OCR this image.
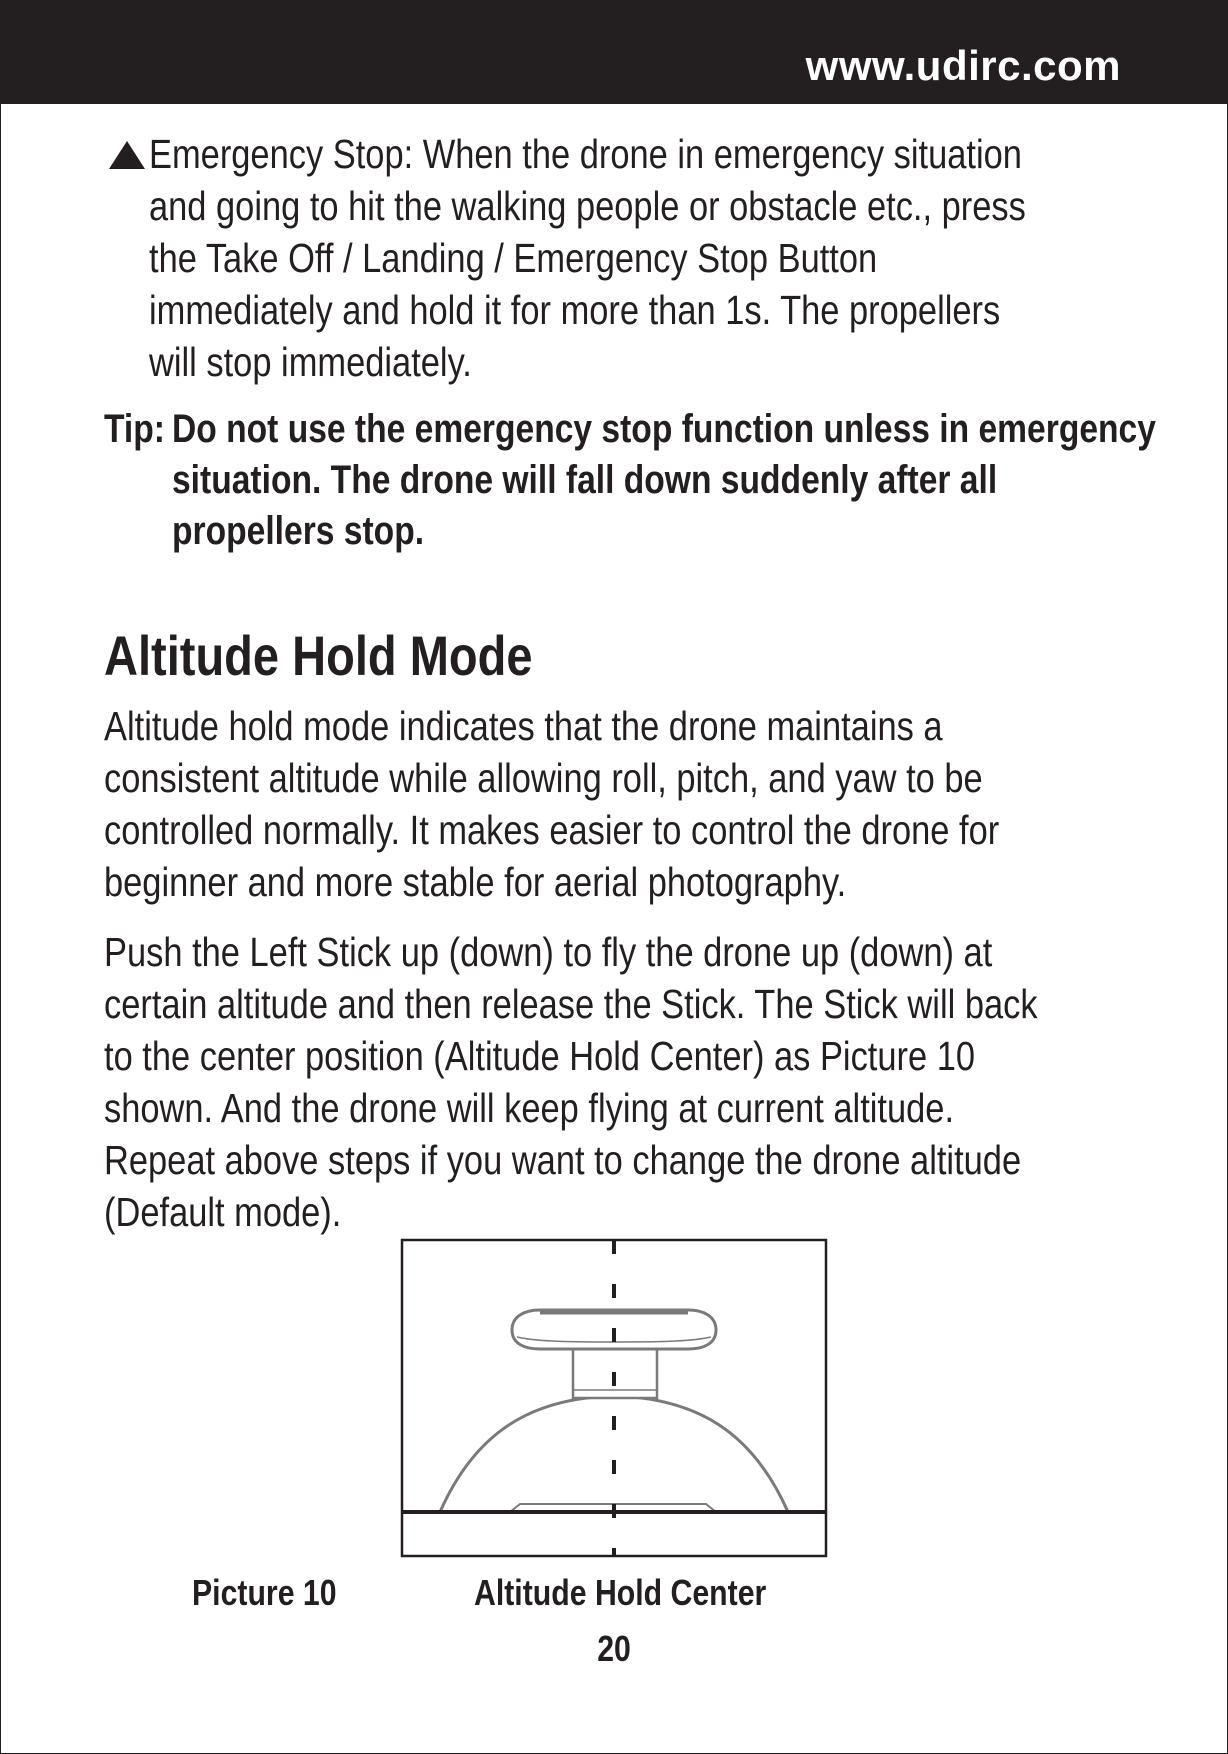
www.udirc.com
Emergency Stop: When the drone in emergency situation
and going to hit the walking people or obstacle etc., press
the Take Off / Landing / Emergency Stop Button
immediately and hold it for more than 1s. The propellers
will stop immediately.
Tip: Do not use the emergency stop function unless in emergency
situation. The drone will fall down suddenly after all
propellers stop.
Altitude Hold Mode
Altitude hold mode indicates that the drone maintains a
consistent altitude while allowing roll, pitch, and yaw to be
controlled normally. It makes easier to control the drone for
beginner and more stable for aerial photography.
Push the Left Stick up (down) to fly the drone up (down) at
certain altitude and then release the Stick. The Stick will back
to the center position (Altitude Hold Center) as Picture 10
shown. And the drone will keep flying at current altitude.
Repeat above steps if you want to change the drone altitude
(Default mode).
Picture 10	Altitude Hold Center
20
